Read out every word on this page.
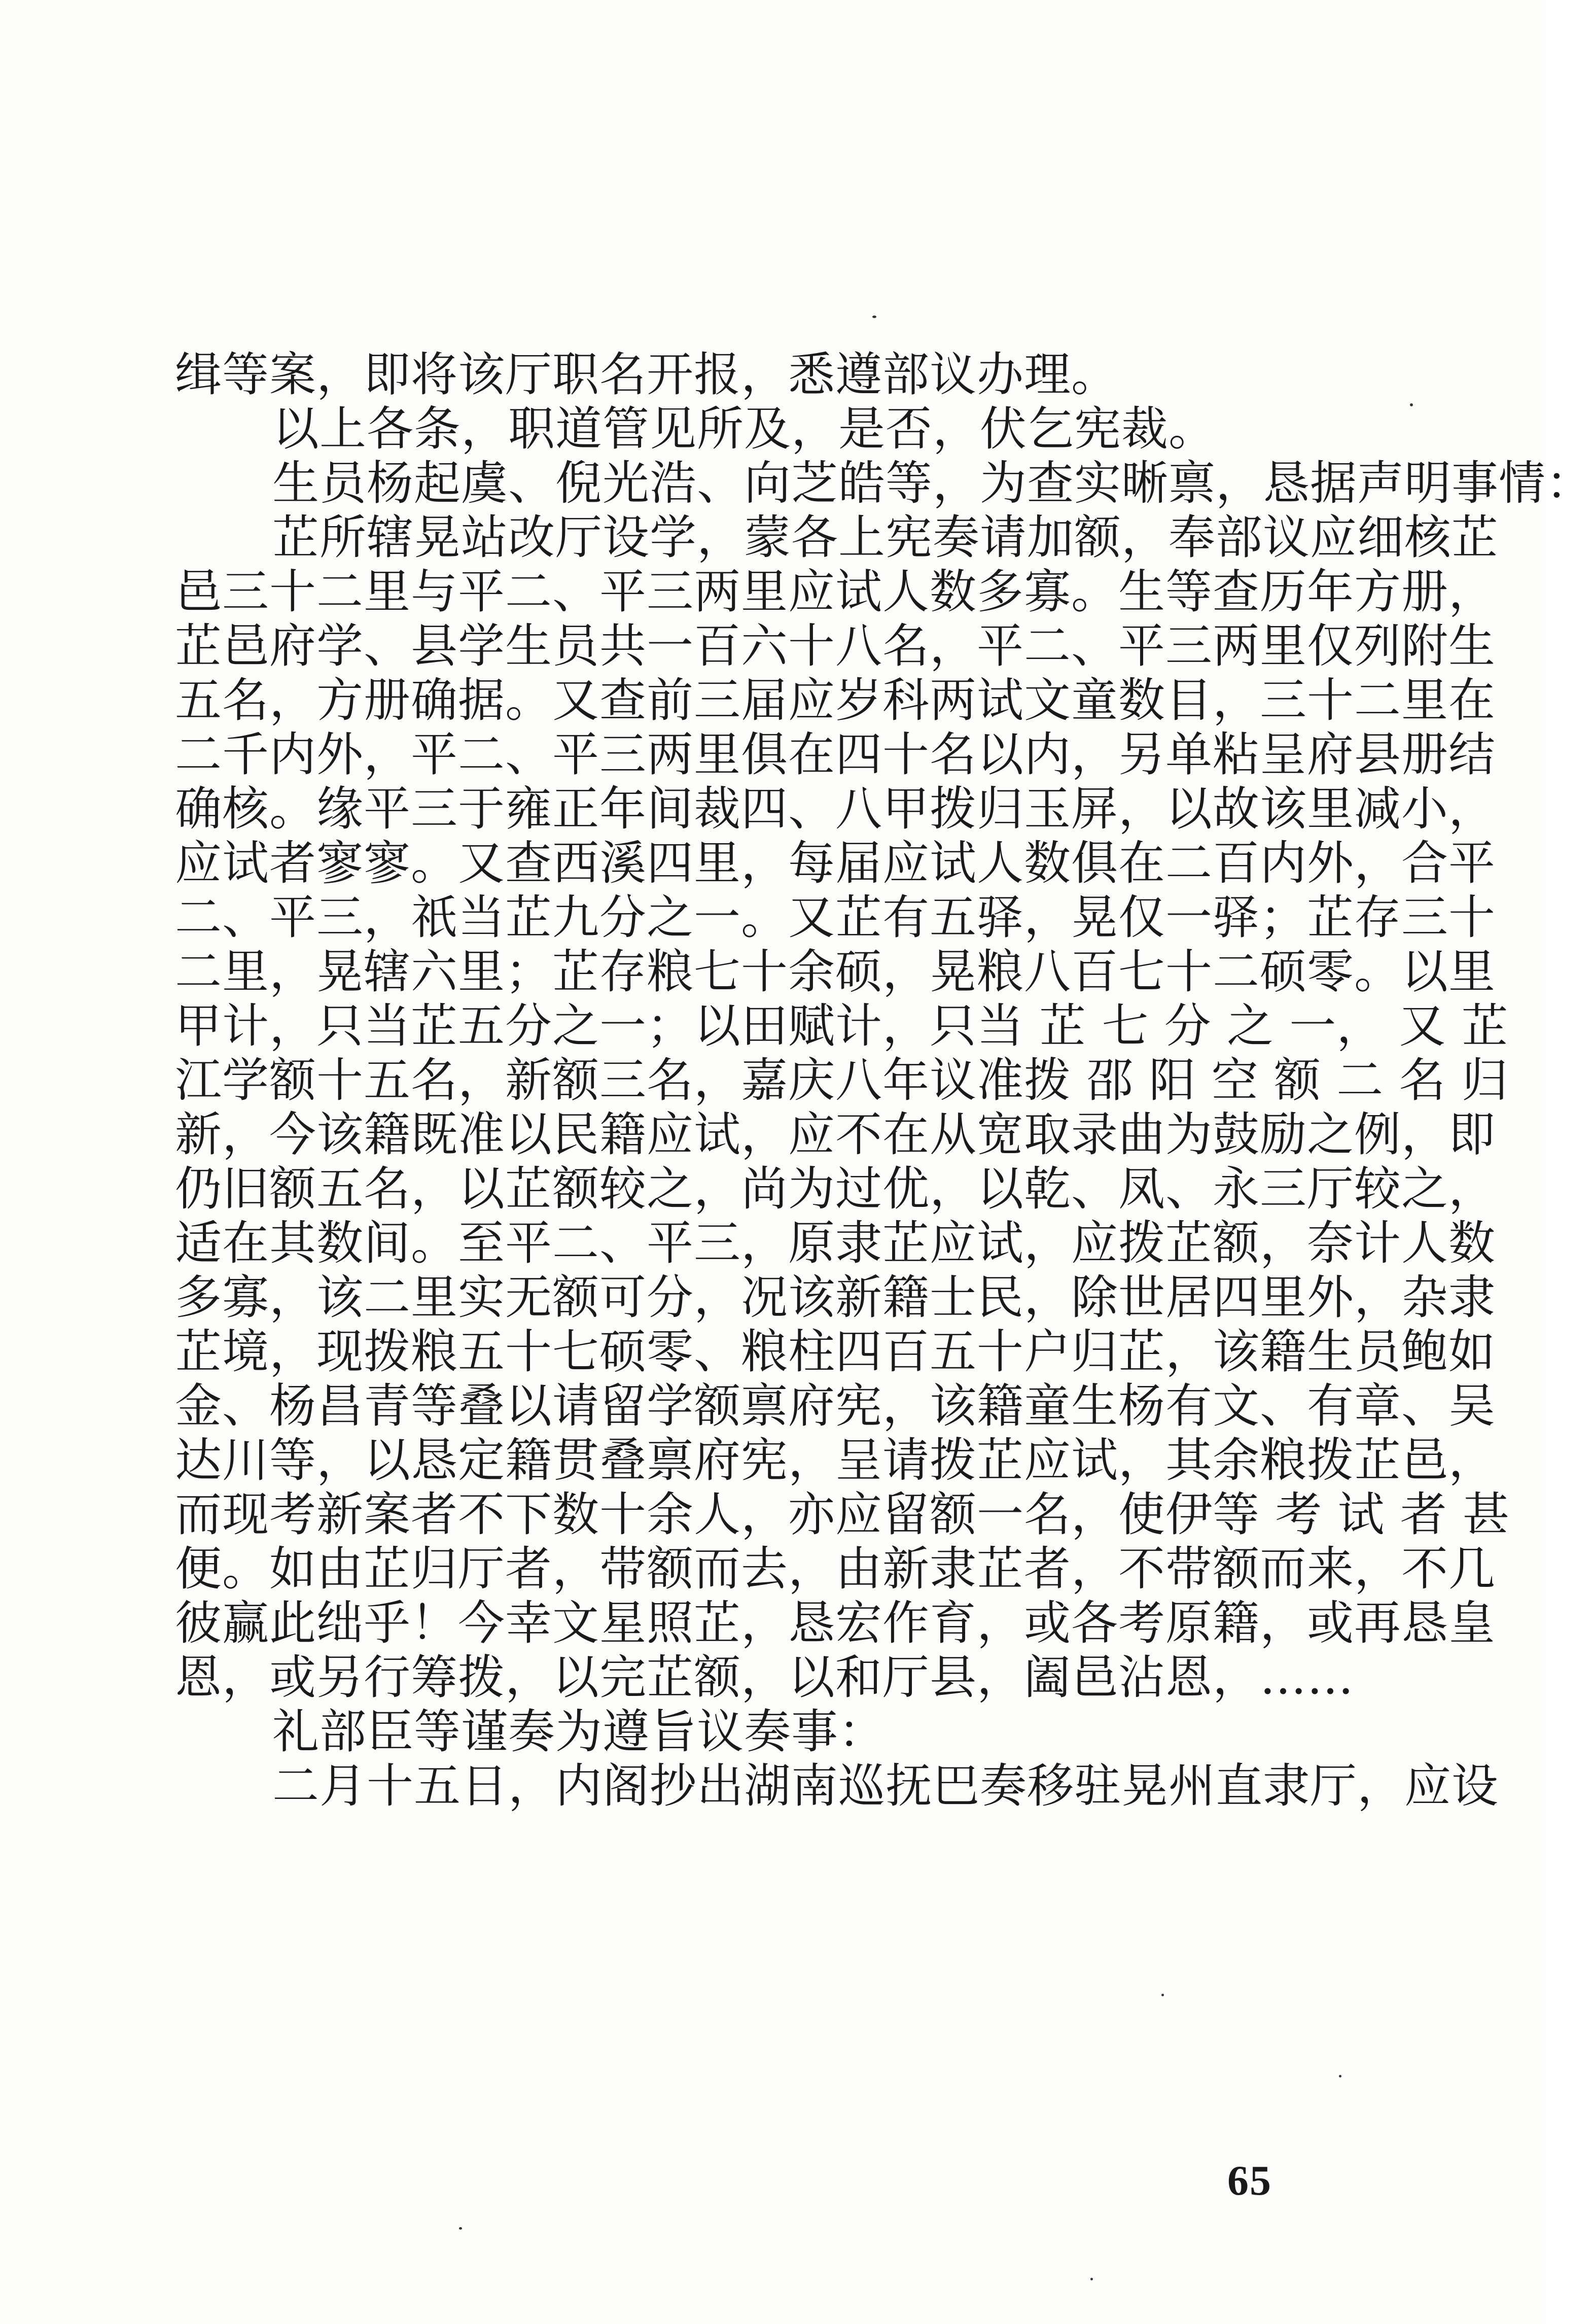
缉等案，即将该厅职名开报，悉遵部议办理。
以上各条，职道管见所及，是否，伏乞宪裁。
生员杨起虞、倪光浩、向芝皓等，为查实晰禀，恳据声明事情：
芷所辖晃站改厅设学，蒙各上宪奏请加额，奉部议应细核芷
邑三十二里与平二、平三两里应试人数多寡。生等查历年方册，
芷邑府学、县学生员共一百六十八名，平二、平三两里仅列附生
五名，方册确据。又查前三届应岁科两试文童数目，三十二里在
二千内外，平二、平三两里俱在四十名以内，另单粘呈府县册结
确核。缘平三于雍正年间裁四、八甲拨归玉屏，以故该里减小，
应试者寥寥。又查西溪四里，每届应试人数俱在二百内外，合平
二、平三，祇当芷九分之一。又芷有五驿，晃仅一驿；芷存三十
二里，晃辖六里；芷存粮七十余硕，晃粮八百七十二硕零。以里
甲计，只当芷五分之一；以田赋计，只当 芷 七 分 之 一， 又 芷
江学额十五名，新额三名，嘉庆八年议准拨 邵 阳 空 额 二 名 归
新，今该籍既准以民籍应试，应不在从宽取录曲为鼓励之例，即
仍旧额五名，以芷额较之，尚为过优，以乾、凤、永三厅较之，
适在其数间。至平二、平三，原隶芷应试，应拨芷额，奈计人数
多寡，该二里实无额可分，况该新籍士民，除世居四里外，杂隶
芷境，现拨粮五十七硕零、粮柱四百五十户归芷，该籍生员鲍如
金、杨昌青等叠以请留学额禀府宪，该籍童生杨有文、有章、吴
达川等，以恳定籍贯叠禀府宪，呈请拨芷应试，其余粮拨芷邑，
而现考新案者不下数十余人，亦应留额一名，使伊等 考 试 者 甚
便。如由芷归厅者，带额而去，由新隶芷者，不带额而来，不几
彼赢此绌乎！今幸文星照芷，恳宏作育，或各考原籍，或再恳皇
恩，或另行筹拨，以完芷额，以和厅县，阖邑沾恩，……
礼部臣等谨奏为遵旨议奏事：
二月十五日，内阁抄出湖南巡抚巴奏移驻晃州直隶厅，应设
65
